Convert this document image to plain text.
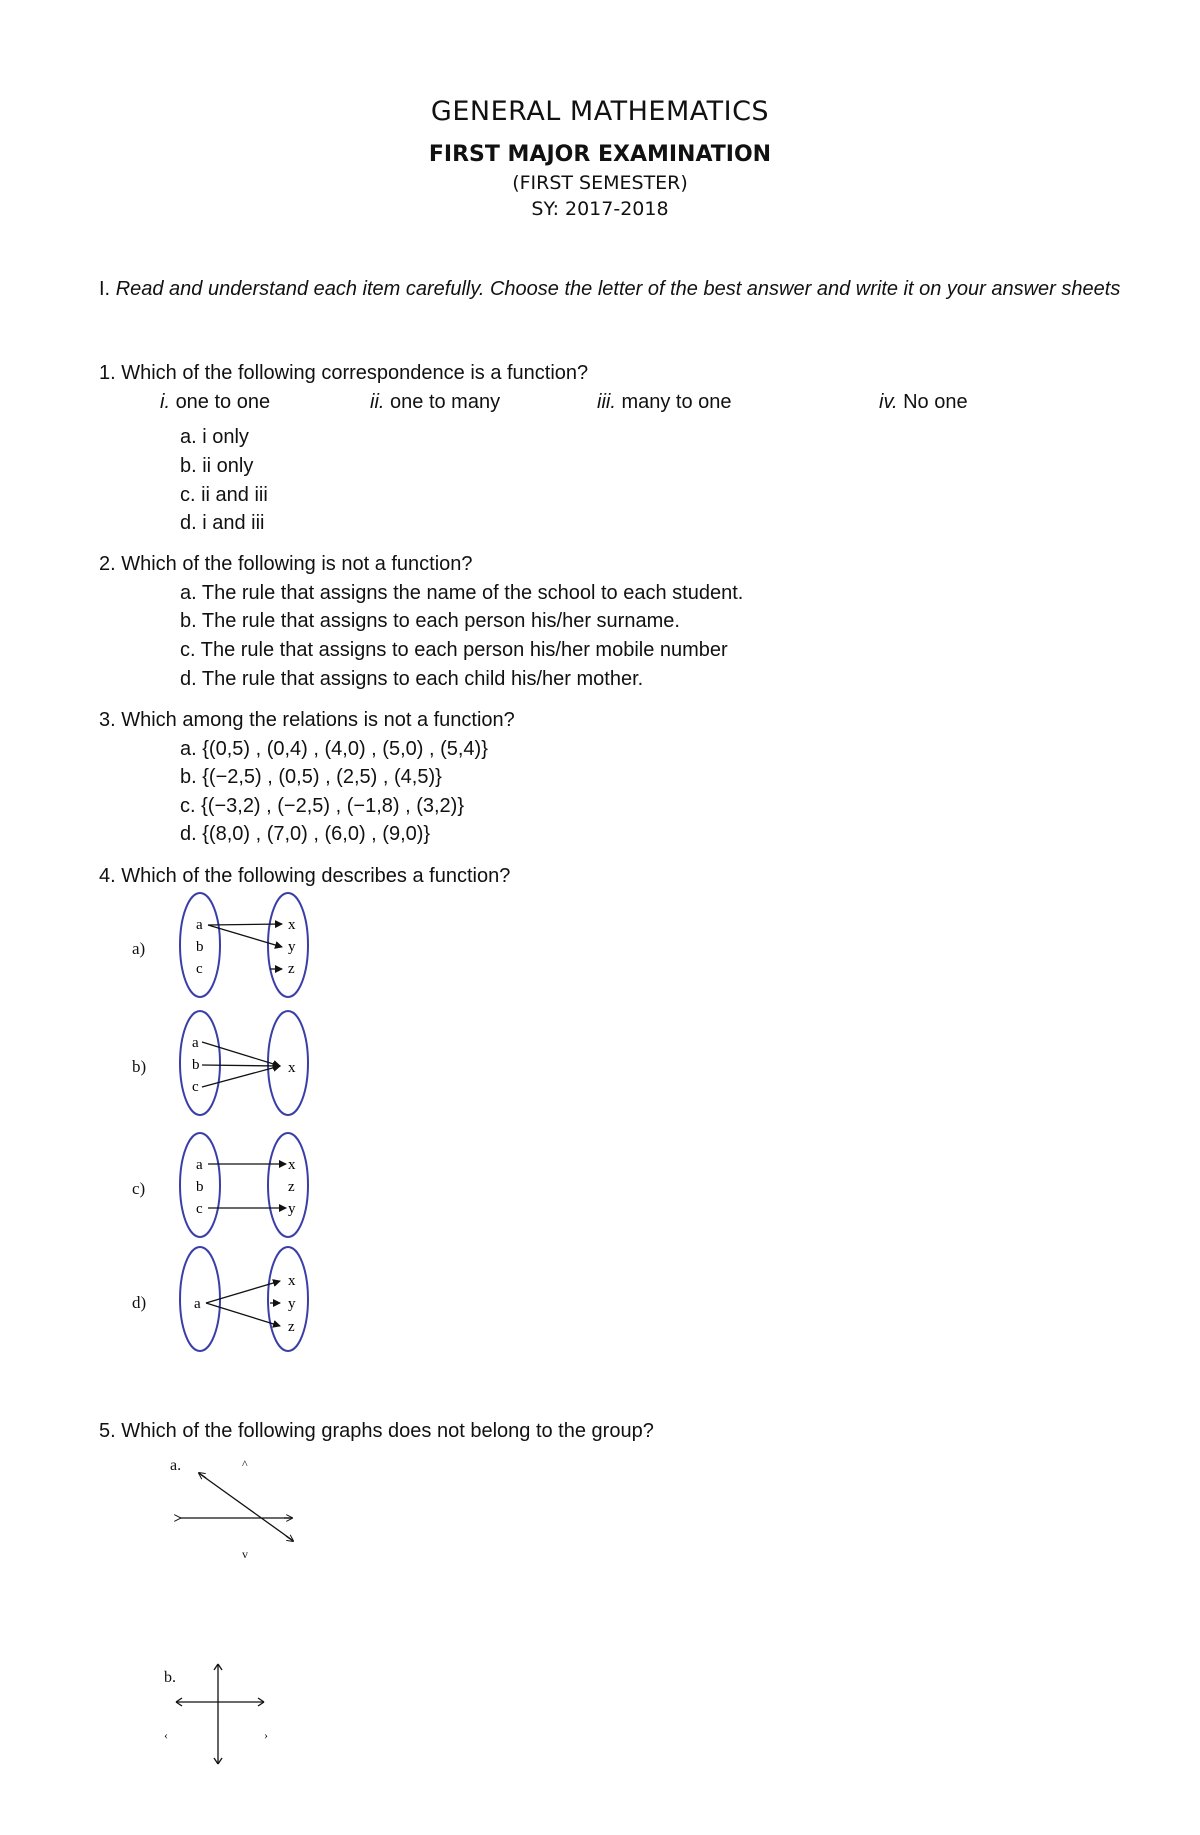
GENERAL MATHEMATICS
FIRST MAJOR EXAMINATION
(FIRST SEMESTER)
SY: 2017-2018
I. Read and understand each item carefully. Choose the letter of the best answer and write it on your answer sheets
1. Which of the following correspondence is a function?
i. one to one	ii. one to many	iii. many to one	iv. No one
a. i only
b. ii only
c. ii and iii
d. i and iii
2. Which of the following is not a function?
a. The rule that assigns the name of the school to each student.
b. The rule that assigns to each person his/her surname.
c. The rule that assigns to each person his/her mobile number
d. The rule that assigns to each child his/her mother.
3. Which among the relations is not a function?
a. {(0,5) , (0,4) , (4,0) , (5,0) , (5,4)}
b. {(−2,5) , (0,5) , (2,5) , (4,5)}
c. {(−3,2) , (−2,5) , (−1,8) , (3,2)}
d. {(8,0) , (7,0) , (6,0) , (9,0)}
4. Which of the following describes a function?
a)
a
b
c
x
y
z
b)
a
b
c
x
c)
a
b
c
x
z
y
d)	a
x
y
z
5. Which of the following graphs does not belong to the group?
a.	^
v
b.
‹	›
